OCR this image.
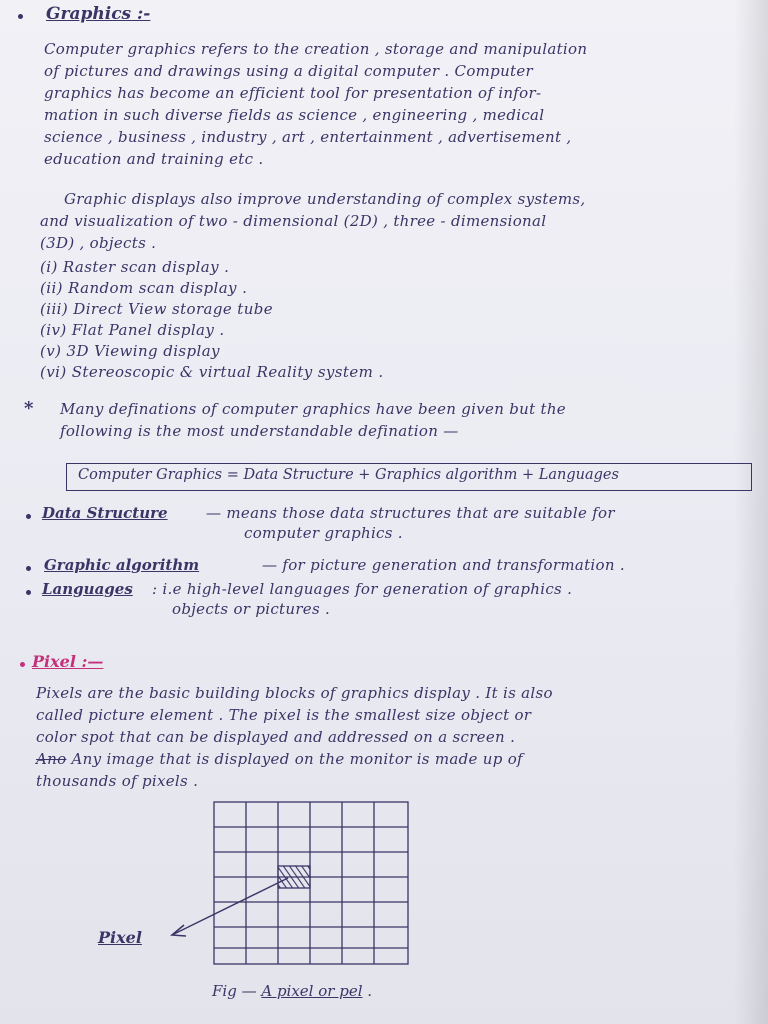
Graphics :-
Computer graphics refers to the creation , storage and manipulation
of pictures and drawings using a digital computer . Computer
graphics has become an efficient tool for presentation of infor-
mation in such diverse fields as science , engineering , medical
science , business , industry , art , entertainment , advertisement ,
education and training etc .
Graphic displays also improve understanding of complex systems,
and visualization of two - dimensional (2D) , three - dimensional
(3D) , objects .
(i) Raster scan display .
(ii) Random scan display .
(iii) Direct View storage tube
(iv) Flat Panel display .
(v) 3D Viewing display
(vi) Stereoscopic & virtual Reality system .
* Many definations of computer graphics have been given but the
following is the most understandable defination —
Computer Graphics = Data Structure + Graphics algorithm + Languages
Data Structure	— means those data structures that are suitable for
computer graphics .
Graphic algorithm	— for picture generation and transformation .
Languages : i.e high-level languages for generation of graphics .
objects or pictures .
Pixel :—
Pixels are the basic building blocks of graphics display . It is also
called picture element . The pixel is the smallest size object or
color spot that can be displayed and addressed on a screen .
Ano Any image that is displayed on the monitor is made up of
thousands of pixels .
Pixel
Fig — A pixel or pel .
